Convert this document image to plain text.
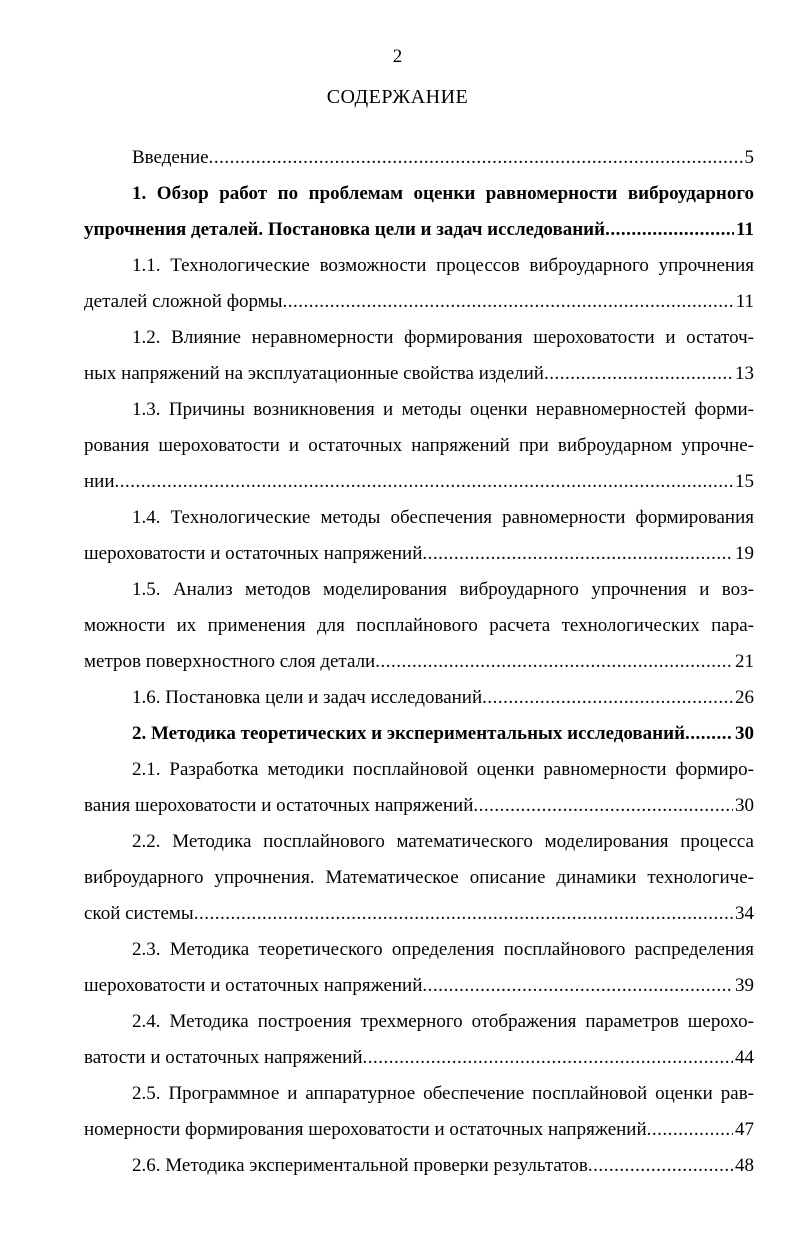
2
СОДЕРЖАНИЕ
Введение .....	5
1. Обзор работ по проблемам оценки равномерности виброударного
упрочнения деталей. Постановка цели и задач исследований .....	11
1.1. Технологические возможности процессов виброударного упрочнения
деталей сложной формы .....	11
1.2. Влияние неравномерности формирования шероховатости и остаточ-
ных напряжений на эксплуатационные свойства изделий .....	13
1.3. Причины возникновения и методы оценки неравномерностей форми-
рования шероховатости и остаточных напряжений при виброударном упрочне-
нии .....	15
1.4. Технологические методы обеспечения равномерности формирования
шероховатости и остаточных напряжений .....	19
1.5. Анализ методов моделирования виброударного упрочнения и воз-
можности их применения для посплайнового расчета технологических пара-
метров поверхностного слоя детали .....	21
1.6. Постановка цели и задач исследований .....	26
2. Методика теоретических и экспериментальных исследований .....	30
2.1. Разработка методики посплайновой оценки равномерности формиро-
вания шероховатости и остаточных напряжений .....	30
2.2. Методика посплайнового математического моделирования процесса
виброударного упрочнения. Математическое описание динамики технологиче-
ской системы .....	34
2.3. Методика теоретического определения посплайнового распределения
шероховатости и остаточных напряжений .....	39
2.4. Методика построения трехмерного отображения параметров шерохо-
ватости и остаточных напряжений .....	44
2.5. Программное и аппаратурное обеспечение посплайновой оценки рав-
номерности формирования шероховатости и остаточных напряжений .....	47
2.6. Методика экспериментальной проверки результатов .....	48
